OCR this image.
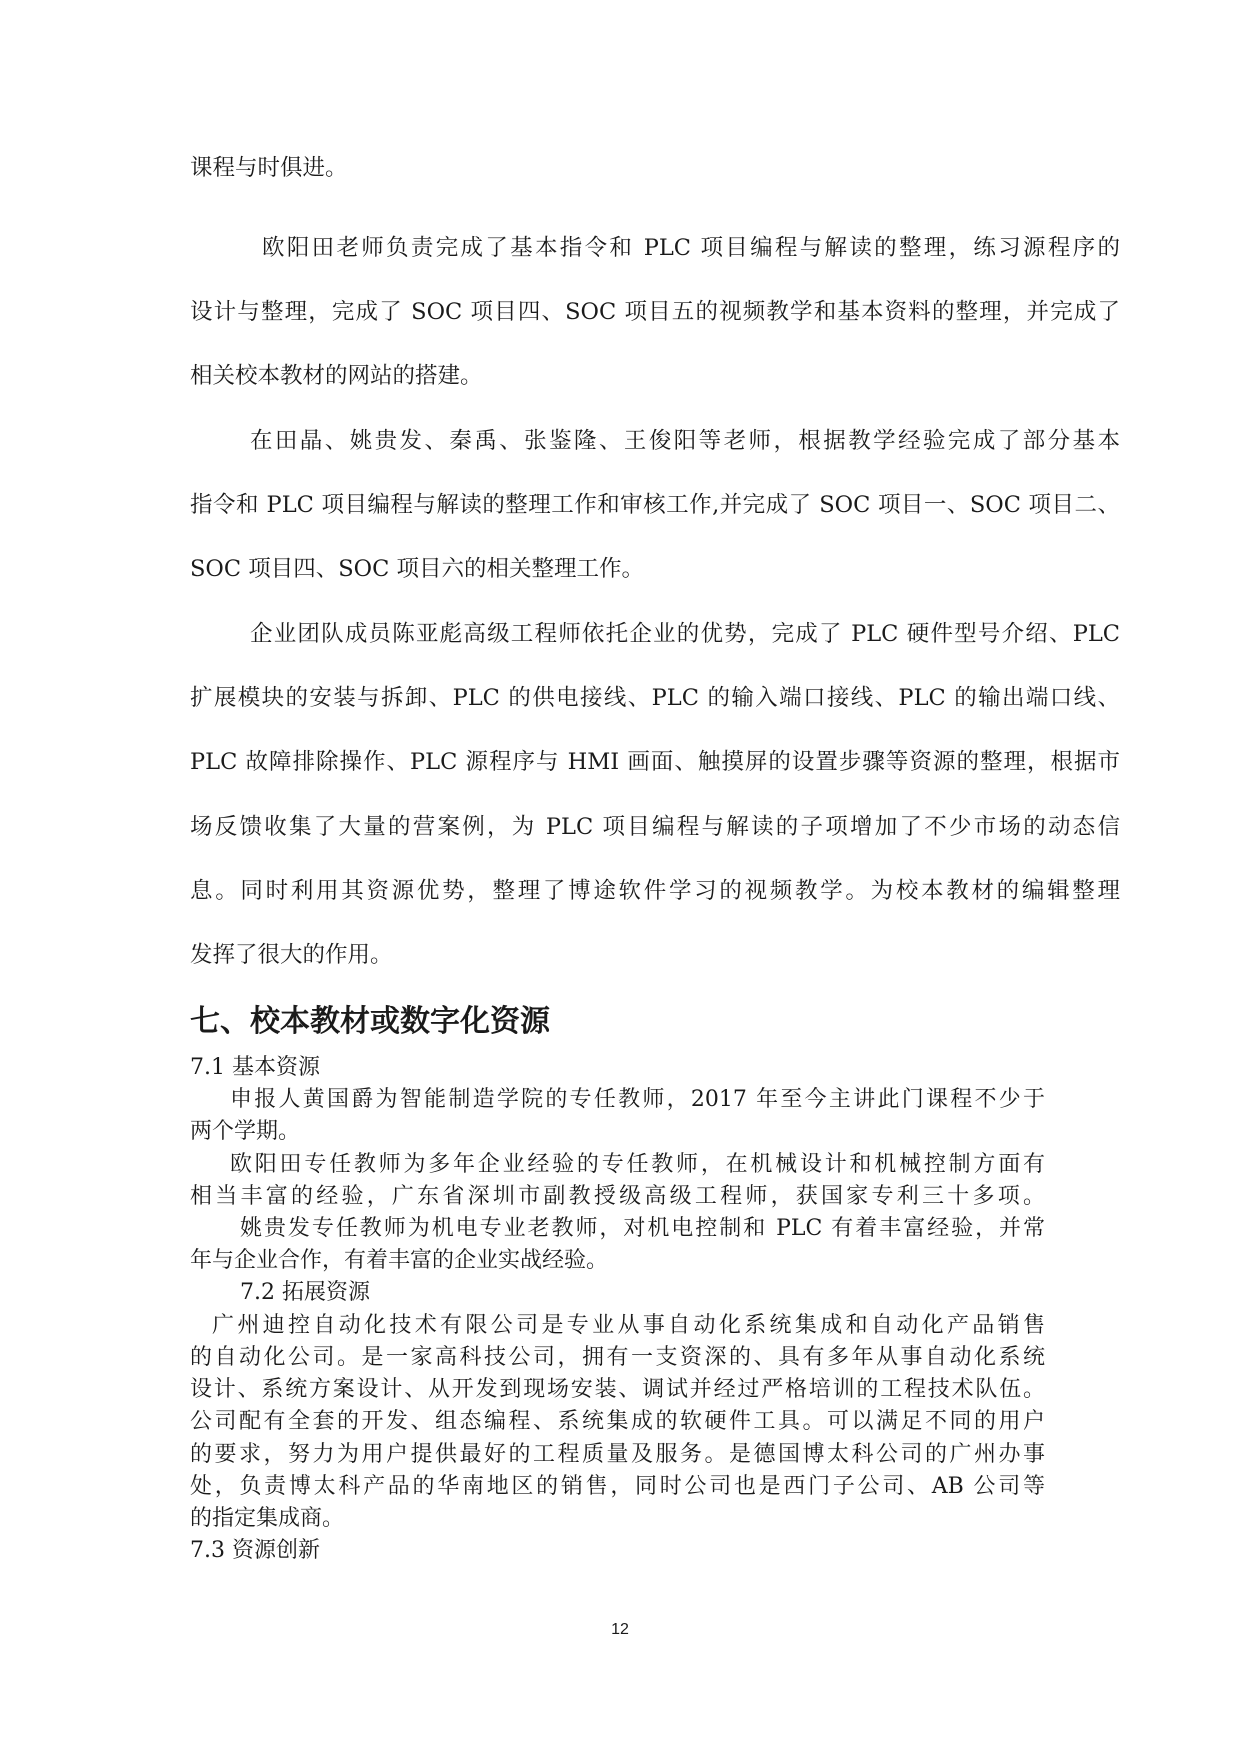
课程与时俱进。
欧阳田老师负责完成了基本指令和 PLC 项目编程与解读的整理，练习源程序的
设计与整理，完成了 SOC 项目四、SOC 项目五的视频教学和基本资料的整理，并完成了
相关校本教材的网站的搭建。
在田晶、姚贵发、秦禹、张鉴隆、王俊阳等老师，根据教学经验完成了部分基本
指令和 PLC 项目编程与解读的整理工作和审核工作,并完成了 SOC 项目一、SOC 项目二、
SOC 项目四、SOC 项目六的相关整理工作。
企业团队成员陈亚彪高级工程师依托企业的优势，完成了 PLC 硬件型号介绍、PLC
扩展模块的安装与拆卸、PLC 的供电接线、PLC 的输入端口接线、PLC 的输出端口线、
PLC 故障排除操作、PLC 源程序与 HMI 画面、触摸屏的设置步骤等资源的整理，根据市
场反馈收集了大量的营案例，为 PLC 项目编程与解读的子项增加了不少市场的动态信
息。同时利用其资源优势，整理了博途软件学习的视频教学。为校本教材的编辑整理
发挥了很大的作用。
七、校本教材或数字化资源
7.1 基本资源
申报人黄国爵为智能制造学院的专任教师，2017 年至今主讲此门课程不少于
两个学期。
欧阳田专任教师为多年企业经验的专任教师，在机械设计和机械控制方面有
相当丰富的经验，广东省深圳市副教授级高级工程师，获国家专利三十多项。
姚贵发专任教师为机电专业老教师，对机电控制和 PLC 有着丰富经验，并常
年与企业合作，有着丰富的企业实战经验。
7.2 拓展资源
广州迪控自动化技术有限公司是专业从事自动化系统集成和自动化产品销售
的自动化公司。是一家高科技公司，拥有一支资深的、具有多年从事自动化系统
设计、系统方案设计、从开发到现场安装、调试并经过严格培训的工程技术队伍。
公司配有全套的开发、组态编程、系统集成的软硬件工具。可以满足不同的用户
的要求，努力为用户提供最好的工程质量及服务。是德国博太科公司的广州办事
处，负责博太科产品的华南地区的销售，同时公司也是西门子公司、AB 公司等
的指定集成商。
7.3 资源创新
12
